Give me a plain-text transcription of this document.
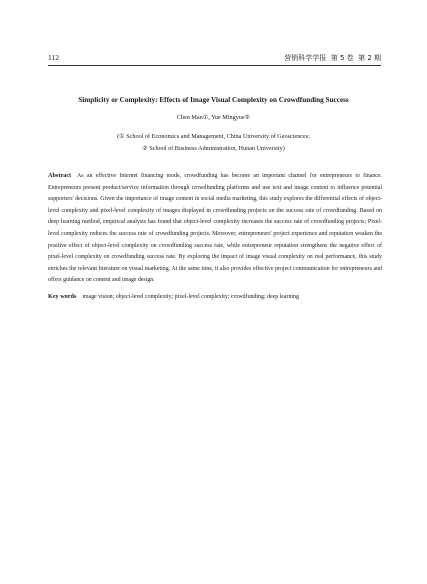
112	营销科学学报 第 5 卷 第 2 期
Simplicity or Complexity: Effects of Image Visual Complexity on Crowdfunding Success
Chen Man①, Yue Mingyue②
(① School of Economics and Management, China University of Geosciences;
② School of Business Administration, Hunan University)
Abstract As an effective Internet financing mode, crowdfunding has become an important channel for entrepreneurs to finance. Entrepreneurs present product/service information through crowdfunding platforms and use text and image content to influence potential supporters' decisions. Given the importance of image content in social media marketing, this study explores the differential effects of object-level complexity and pixel-level complexity of images displayed in crowdfunding projects on the success rate of crowdfunding. Based on deep learning method, empirical analysis has found that object-level complexity increases the success rate of crowdfunding projects; Pixel-level complexity reduces the success rate of crowdfunding projects. Moreover, entrepreneurs' project experience and reputation weaken the positive effect of object-level complexity on crowdfunding success rate, while entrepreneur reputation strengthens the negative effect of pixel-level complexity on crowdfunding success rate. By exploring the impact of image visual complexity on real performance, this study enriches the relevant literature on visual marketing. At the same time, it also provides effective project communication for entrepreneurs and offers guidance on content and image design.
Key words image vision; object-level complexity; pixel-level complexity; crowdfunding; deep learning
